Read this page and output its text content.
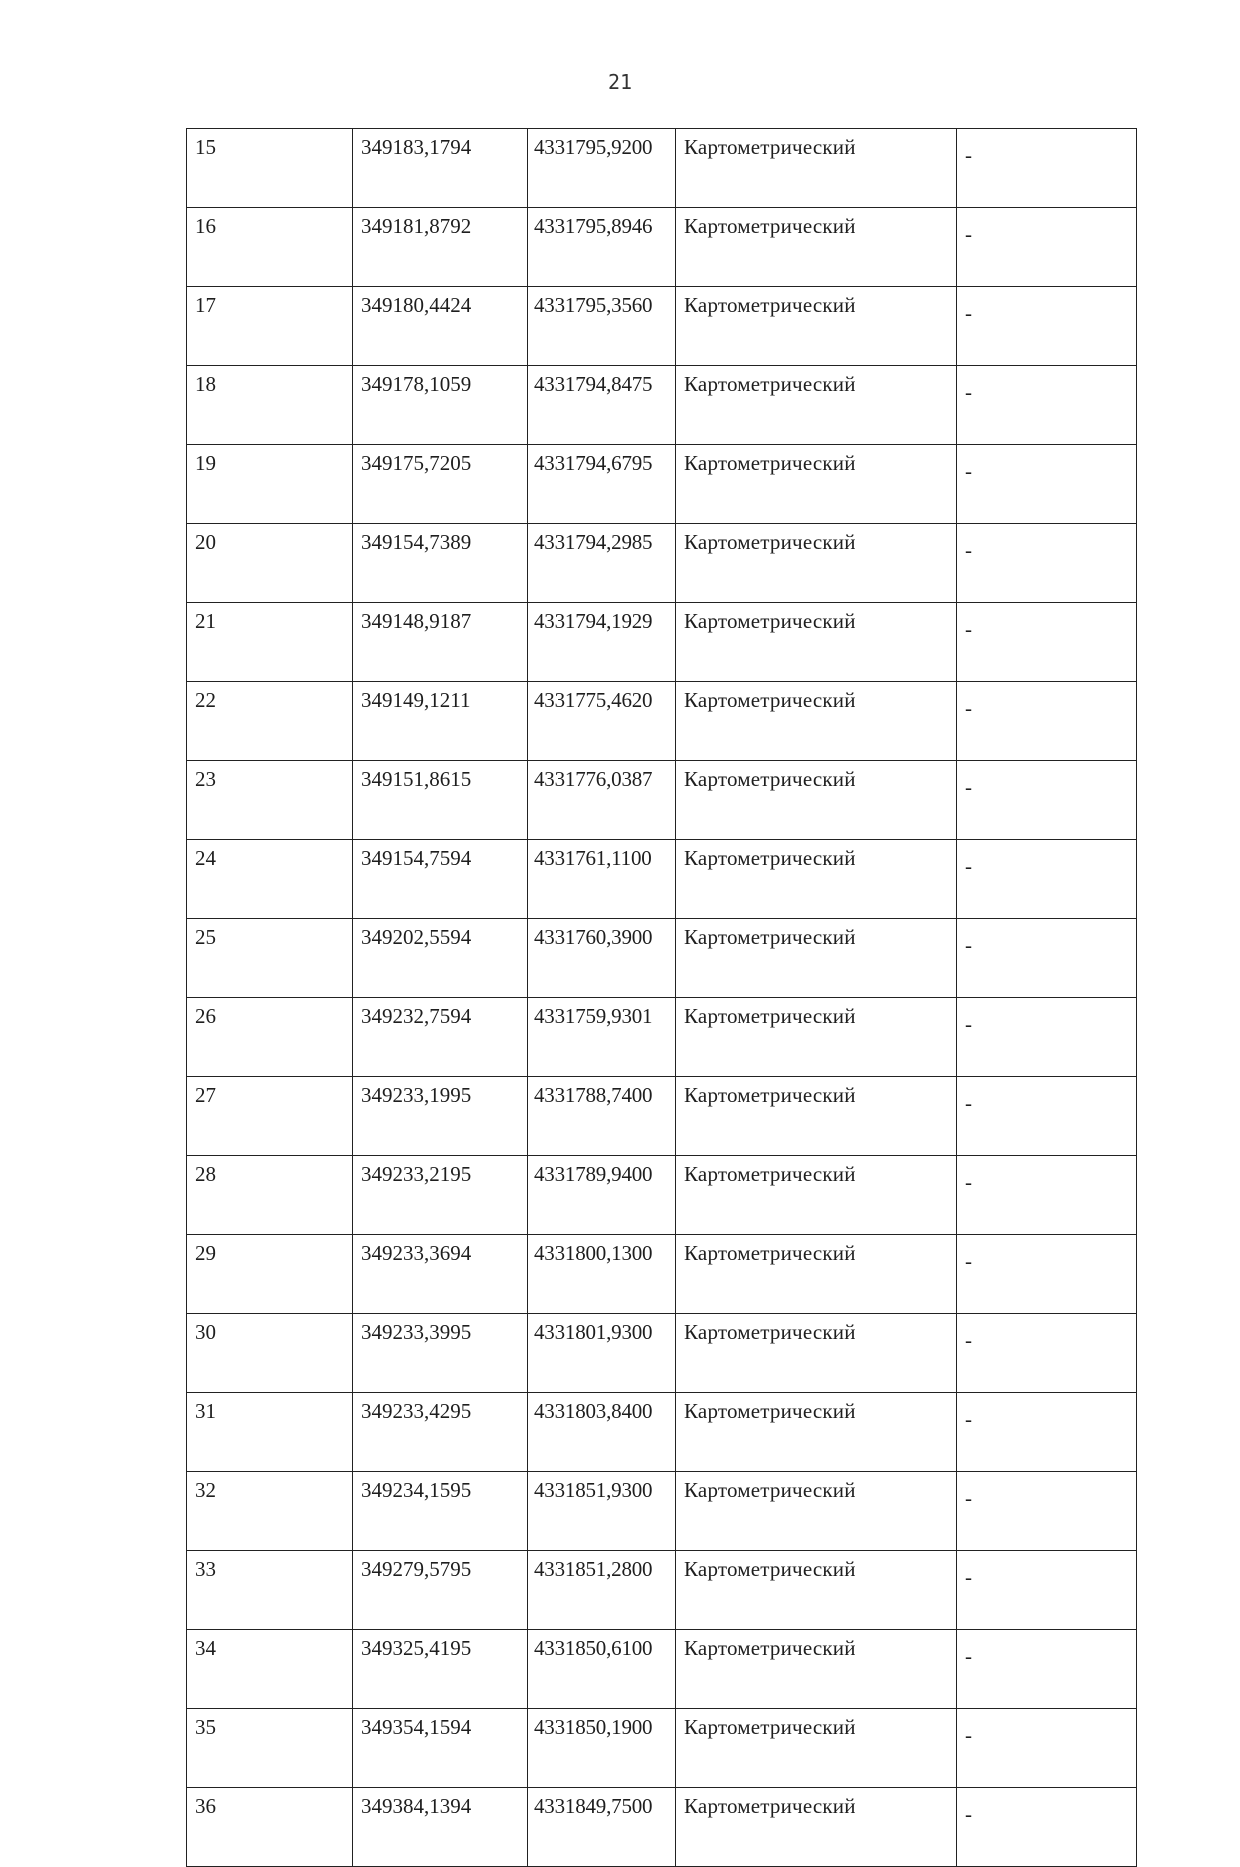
21
15	349183,1794	4331795,9200	Картометрический	-
16	349181,8792	4331795,8946	Картометрический	-
17	349180,4424	4331795,3560	Картометрический	-
18	349178,1059	4331794,8475	Картометрический	-
19	349175,7205	4331794,6795	Картометрический	-
20	349154,7389	4331794,2985	Картометрический	-
21	349148,9187	4331794,1929	Картометрический	-
22	349149,1211	4331775,4620	Картометрический	-
23	349151,8615	4331776,0387	Картометрический	-
24	349154,7594	4331761,1100	Картометрический	-
25	349202,5594	4331760,3900	Картометрический	-
26	349232,7594	4331759,9301	Картометрический	-
27	349233,1995	4331788,7400	Картометрический	-
28	349233,2195	4331789,9400	Картометрический	-
29	349233,3694	4331800,1300	Картометрический	-
30	349233,3995	4331801,9300	Картометрический	-
31	349233,4295	4331803,8400	Картометрический	-
32	349234,1595	4331851,9300	Картометрический	-
33	349279,5795	4331851,2800	Картометрический	-
34	349325,4195	4331850,6100	Картометрический	-
35	349354,1594	4331850,1900	Картометрический	-
36	349384,1394	4331849,7500	Картометрический	-
